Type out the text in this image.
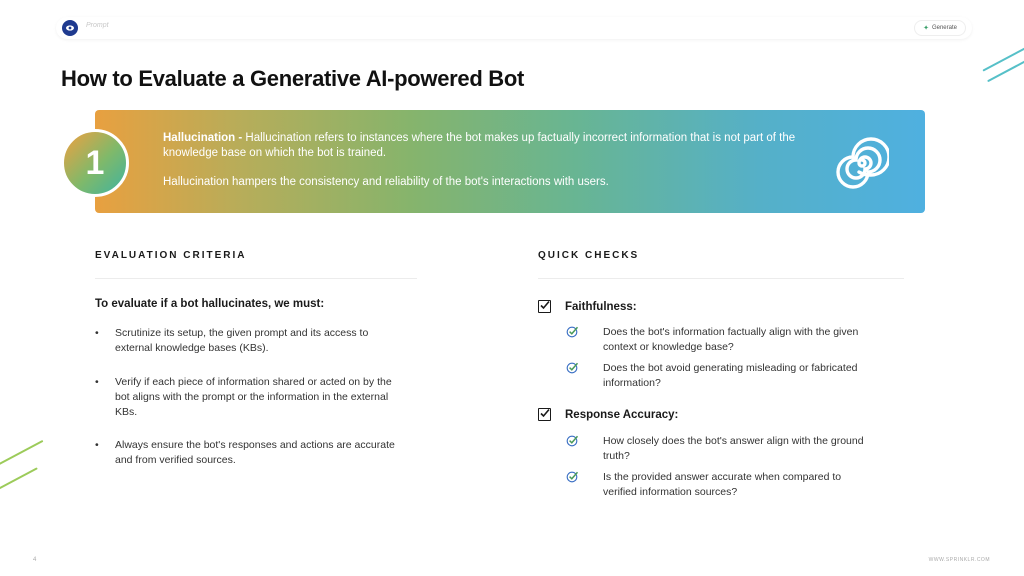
Prompt	✦ Generate
How to Evaluate a Generative AI-powered Bot

Hallucination - Hallucination refers to instances where the bot makes up factually incorrect information that is not part of the knowledge base on which the bot is trained.

Hallucination hampers the consistency and reliability of the bot's interactions with users.

1
EVALUATION CRITERIA
To evaluate if a bot hallucinates, we must:
• Scrutinize its setup, the given prompt and its access to external knowledge bases (KBs).
• Verify if each piece of information shared or acted on by the bot aligns with the prompt or the information in the external KBs.
• Always ensure the bot's responses and actions are accurate and from verified sources.
QUICK CHECKS
Faithfulness:
Does the bot's information factually align with the given context or knowledge base?
Does the bot avoid generating misleading or fabricated information?
Response Accuracy:
How closely does the bot's answer align with the ground truth?
Is the provided answer accurate when compared to verified information sources?
4	WWW.SPRINKLR.COM
